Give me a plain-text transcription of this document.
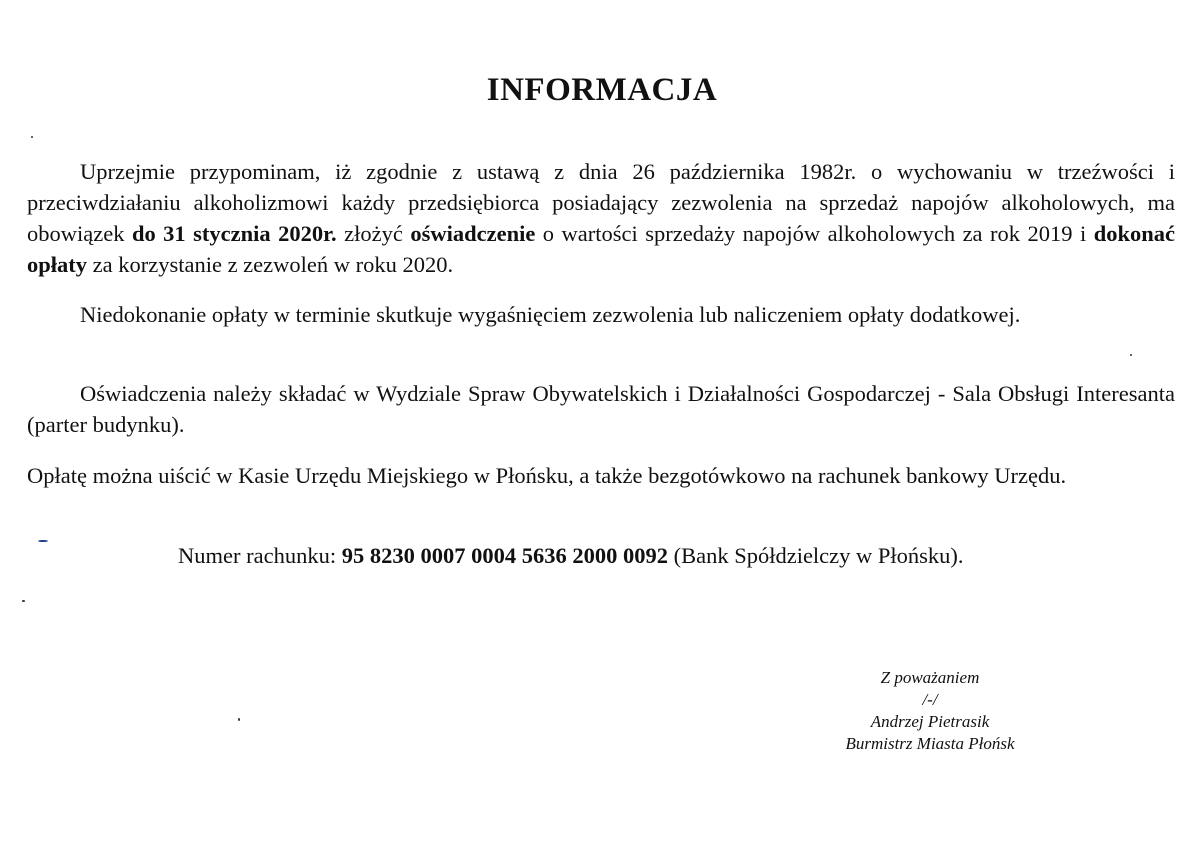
INFORMACJA
Uprzejmie przypominam, iż zgodnie z ustawą z dnia 26 października 1982r. o wychowaniu w trzeźwości i przeciwdziałaniu alkoholizmowi każdy przedsiębiorca posiadający zezwolenia na sprzedaż napojów alkoholowych, ma obowiązek do 31 stycznia 2020r. złożyć oświadczenie o wartości sprzedaży napojów alkoholowych za rok 2019 i dokonać opłaty za korzystanie z zezwoleń w roku 2020.
Niedokonanie opłaty w terminie skutkuje wygaśnięciem zezwolenia lub naliczeniem opłaty dodatkowej.
Oświadczenia należy składać w Wydziale Spraw Obywatelskich i Działalności Gospodarczej - Sala Obsługi Interesanta (parter budynku).
Opłatę można uiścić w Kasie Urzędu Miejskiego w Płońsku, a także bezgotówkowo na rachunek bankowy Urzędu.
Numer rachunku: 95 8230 0007 0004 5636 2000 0092 (Bank Spółdzielczy w Płońsku).
Z poważaniem
/-/
Andrzej Pietrasik
Burmistrz Miasta Płońsk
